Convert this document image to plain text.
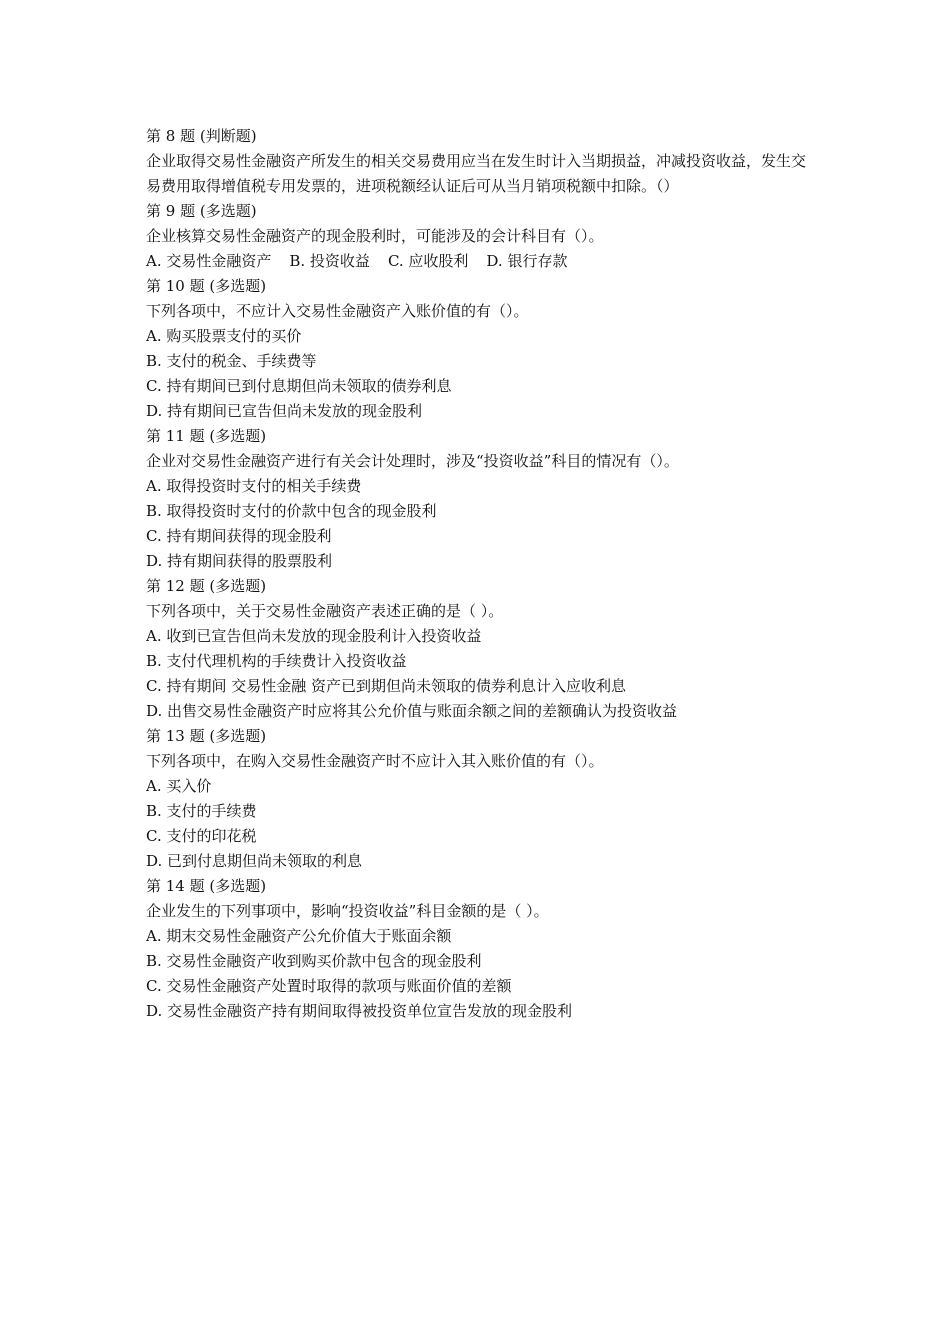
第 8 题 (判断题)
企业取得交易性金融资产所发生的相关交易费用应当在发生时计入当期损益，冲减投资收益，发生交易费用取得增值税专用发票的，进项税额经认证后可从当月销项税额中扣除。（）
第 9 题 (多选题)
企业核算交易性金融资产的现金股利时，可能涉及的会计科目有（）。
A. 交易性金融资产 B. 投资收益 C. 应收股利 D. 银行存款
第 10 题 (多选题)
下列各项中，不应计入交易性金融资产入账价值的有（）。
A. 购买股票支付的买价
B. 支付的税金、手续费等
C. 持有期间已到付息期但尚未领取的债券利息
D. 持有期间已宣告但尚未发放的现金股利
第 11 题 (多选题)
企业对交易性金融资产进行有关会计处理时，涉及“投资收益”科目的情况有（）。
A. 取得投资时支付的相关手续费
B. 取得投资时支付的价款中包含的现金股利
C. 持有期间获得的现金股利
D. 持有期间获得的股票股利
第 12 题 (多选题)
下列各项中，关于交易性金融资产表述正确的是（ ）。
A. 收到已宣告但尚未发放的现金股利计入投资收益
B. 支付代理机构的手续费计入投资收益
C. 持有期间 交易性金融 资产已到期但尚未领取的债券利息计入应收利息
D. 出售交易性金融资产时应将其公允价值与账面余额之间的差额确认为投资收益
第 13 题 (多选题)
下列各项中，在购入交易性金融资产时不应计入其入账价值的有（）。
A. 买入价
B. 支付的手续费
C. 支付的印花税
D. 已到付息期但尚未领取的利息
第 14 题 (多选题)
企业发生的下列事项中，影响“投资收益”科目金额的是（ ）。
A. 期末交易性金融资产公允价值大于账面余额
B. 交易性金融资产收到购买价款中包含的现金股利
C. 交易性金融资产处置时取得的款项与账面价值的差额
D. 交易性金融资产持有期间取得被投资单位宣告发放的现金股利
